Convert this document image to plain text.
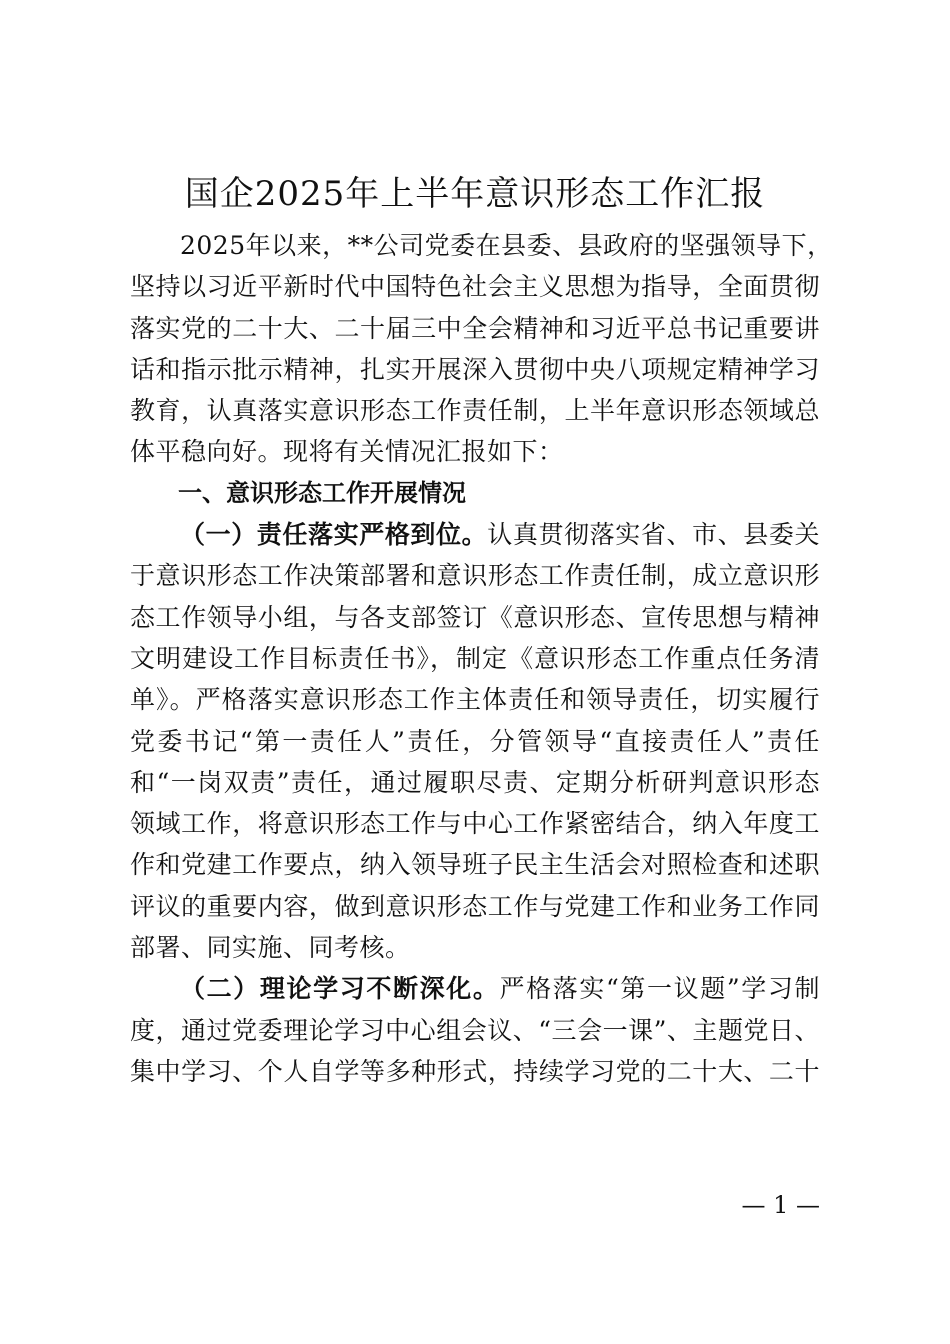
国企2025年上半年意识形态工作汇报
2025年以来，**公司党委在县委、县政府的坚强领导下，
坚持以习近平新时代中国特色社会主义思想为指导，全面贯彻
落实党的二十大、二十届三中全会精神和习近平总书记重要讲
话和指示批示精神，扎实开展深入贯彻中央八项规定精神学习
教育，认真落实意识形态工作责任制，上半年意识形态领域总
体平稳向好。现将有关情况汇报如下：
一、意识形态工作开展情况
（一）责任落实严格到位。认真贯彻落实省、市、县委关
于意识形态工作决策部署和意识形态工作责任制，成立意识形
态工作领导小组，与各支部签订《意识形态、宣传思想与精神
文明建设工作目标责任书》，制定《意识形态工作重点任务清
单》。严格落实意识形态工作主体责任和领导责任，切实履行
党委书记“第一责任人”责任，分管领导“直接责任人”责任
和“一岗双责”责任，通过履职尽责、定期分析研判意识形态
领域工作，将意识形态工作与中心工作紧密结合，纳入年度工
作和党建工作要点，纳入领导班子民主生活会对照检查和述职
评议的重要内容，做到意识形态工作与党建工作和业务工作同
部署、同实施、同考核。
（二）理论学习不断深化。严格落实“第一议题”学习制
度，通过党委理论学习中心组会议、“三会一课”、主题党日、
集中学习、个人自学等多种形式，持续学习党的二十大、二十
— 1 —
